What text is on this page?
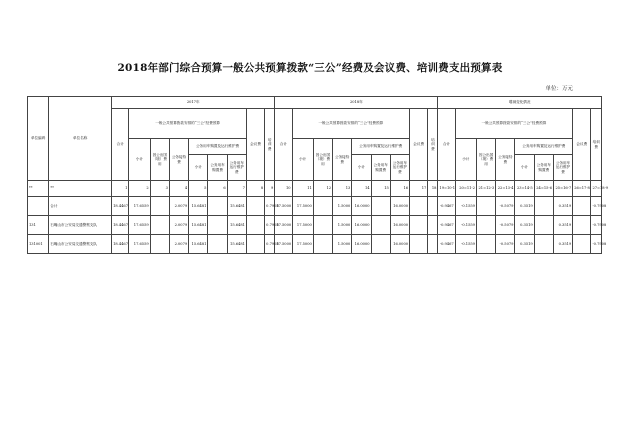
2018年部门综合预算一般公共预算拨款“三公”经费及会议费、培训费支出预算表
单位：万元
单位编码	单位名称	2017年									2018年									增减变化情况								
		合计	一般公共预算拨款安排的“三公”经费预算						会议费	培训费	合计	一般公共预算拨款安排的“三公”经费预算						会议费	培训费	合计	一般公共预算拨款安排的“三公”经费预算						会议费	培训费
			小计	因公出国（境）费用	公务接待费	公务用车购置及运行维护费						小计	因公出国（境）费用	公务接待费	公务用车购置及运行维护费						小计	因公出国（境）费用	公务接待费	公务用车购置及运行维护费				
						小计	公务用车购置费	公务用车运行维护费							小计	公务用车购置费	公务用车运行维护费							小计	公务用车购置费	公务用车运行维护费		
**	**	1	2	3	4	5	6	7	8	9	10	11	12	13	14	15	16	17	18	19=10-1	20=11-2	21=12-3	22=13-4	23=14-5	24=15-6	25=16-7	26=17-8	27=18-9
	合计	18.4467	17.6559		2.0079	15.6481		15.6481		0.7908	17.5000	17.5000		1.5000	16.0000		16.0000			-0.9467	-0.1559		-0.5079	0.3519		0.3519		-0.7908
131	石嘴山市公安局交通警察支队	18.4467	17.6559		2.0079	15.6481		15.6481		0.7908	17.5000	17.5000		1.5000	16.0000		16.0000			-0.9467	-0.1559		-0.5079	0.3519		0.3519		-0.7908
131001	石嘴山市公安局交通警察支队	18.4467	17.6559		2.0079	15.6481		15.6481		0.7908	17.5000	17.5000		1.5000	16.0000		16.0000			-0.9467	-0.1559		-0.5079	0.3519		0.3519		-0.7908
